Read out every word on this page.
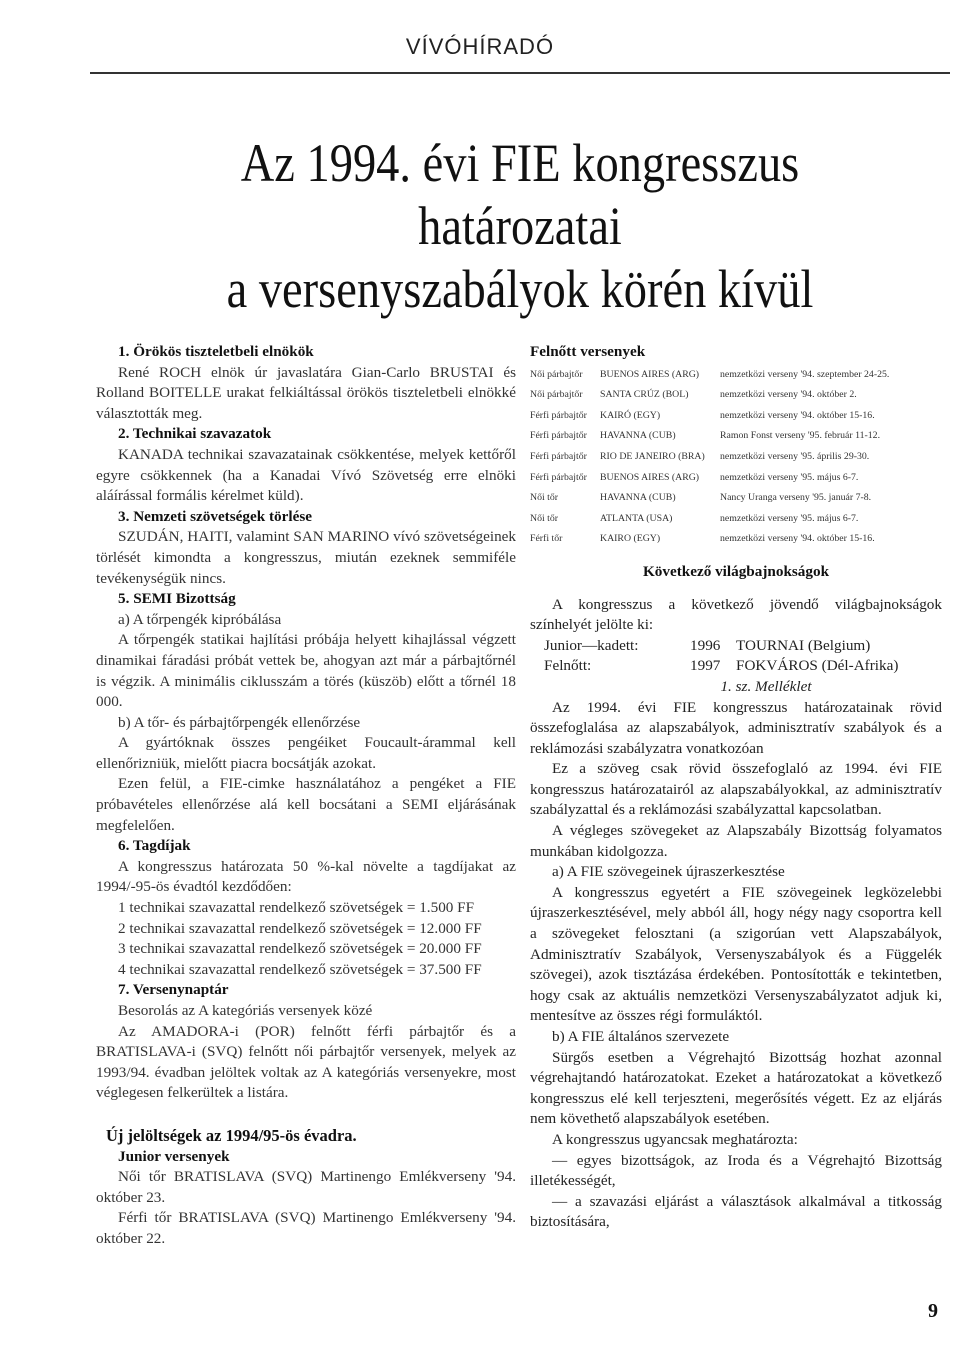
VÍVÓHÍRADÓ
Az 1994. évi FIE kongresszus határozatai
a versenyszabályok körén kívül
1. Örökös tiszteletbeli elnökök

René ROCH elnök úr javaslatára Gian-Carlo BRUSTAI és Rolland BOITELLE urakat felkiáltással örökös tiszteletbeli elnökké választották meg.

2. Technikai szavazatok

KANADA technikai szavazatainak csökkentése, melyek kettőről egyre csökkennek (ha a Kanadai Vívó Szövetség erre elnöki aláírással formális kérelmet küld).

3. Nemzeti szövetségek törlése

SZUDÁN, HAITI, valamint SAN MARINO vívó szövetségeinek törlését kimondta a kongresszus, miután ezeknek semmiféle tevékenységük nincs.

5. SEMI Bizottság

a) A tőrpengék kipróbálása

A tőrpengék statikai hajlítási próbája helyett kihajlással végzett dinamikai fáradási próbát vettek be, ahogyan azt már a párbajtőrnél is végzik. A minimális ciklusszám a törés (küszöb) előtt a tőrnél 18 000.

b) A tőr- és párbajtőrpengék ellenőrzése

A gyártóknak összes pengéiket Foucault-árammal kell ellenőrizniük, mielőtt piacra bocsátják azokat.

Ezen felül, a FIE-cimke használatához a pengéket a FIE próbavételes ellenőrzése alá kell bocsátani a SEMI eljárásának megfelelően.

6. Tagdíjak

A kongresszus határozata 50 %-kal növelte a tagdíjakat az 1994/-95-ös évadtól kezdődően:

1 technikai szavazattal rendelkező szövetségek = 1.500 FF

2 technikai szavazattal rendelkező szövetségek = 12.000 FF

3 technikai szavazattal rendelkező szövetségek = 20.000 FF

4 technikai szavazattal rendelkező szövetségek = 37.500 FF

7. Versenynaptár

Besorolás az A kategóriás versenyek közé

Az AMADORA-i (POR) felnőtt férfi párbajtőr és a BRATISLAVA-i (SVQ) felnőtt női párbajtőr versenyek, melyek az 1993/94. évadban jelöltek voltak az A kategóriás versenyekre, most véglegesen felkerültek a listára.

Új jelöltségek az 1994/95-ös évadra.
Junior versenyek

Női tőr BRATISLAVA (SVQ) Martinengo Emlékverseny '94. október 23.

Férfi tőr BRATISLAVA (SVQ) Martinengo Emlékverseny '94. október 22.

Felnőtt versenyek
Női párbajtőr	BUENOS AIRES (ARG)	nemzetközi verseny '94. szeptember 24-25.
Női párbajtőr	SANTA CRÚZ (BOL)	nemzetközi verseny '94. október 2.
Férfi párbajtőr	KAIRÓ (EGY)	nemzetközi verseny '94. október 15-16.
Férfi párbajtőr	HAVANNA (CUB)	Ramon Fonst verseny '95. február 11-12.
Férfi párbajtőr	RIO DE JANEIRO (BRA)	nemzetközi verseny '95. április 29-30.
Férfi párbajtőr	BUENOS AIRES (ARG)	nemzetközi verseny '95. május 6-7.
Női tőr	HAVANNA (CUB)	Nancy Uranga verseny '95. január 7-8.
Női tőr	ATLANTA (USA)	nemzetközi verseny '95. május 6-7.
Férfi tőr	KAIRO (EGY)	nemzetközi verseny '94. október 15-16.
Következő világbajnokságok

A kongresszus a következő jövendő világbajnokságok színhelyét jelölte ki:

Junior—kadett:	1996	TOURNAI (Belgium)
Felnőtt:	1997	FOKVÁROS (Dél-Afrika)
1. sz. Melléklet

Az 1994. évi FIE kongresszus határozatainak rövid összefoglalása az alapszabályok, adminisztratív szabályok és a reklámozási szabályzatra vonatkozóan

Ez a szöveg csak rövid összefoglaló az 1994. évi FIE kongresszus határozatairól az alapszabályokkal, az adminisztratív szabályzattal és a reklámozási szabályzattal kapcsolatban.

A végleges szövegeket az Alapszabály Bizottság folyamatos munkában kidolgozza.

a) A FIE szövegeinek újraszerkesztése

A kongresszus egyetért a FIE szövegeinek legközelebbi újraszerkesztésével, mely abból áll, hogy négy nagy csoportra kell a szövegeket felosztani (a szigorúan vett Alapszabályok, Adminisztratív Szabályok, Versenyszabályok és a Függelék szövegei), azok tisztázása érdekében. Pontosították e tekintetben, hogy csak az aktuális nemzetközi Versenyszabályzatot adjuk ki, mentesítve az összes régi formuláktól.

b) A FIE általános szervezete

Sürgős esetben a Végrehajtó Bizottság hozhat azonnal végrehajtandó határozatokat. Ezeket a határozatokat a következő kongresszus elé kell terjeszteni, megerősítés végett. Ez az eljárás nem követhető alapszabályok esetében.

A kongresszus ugyancsak meghatározta:

— egyes bizottságok, az Iroda és a Végrehajtó Bizottság illetékességét,

— a szavazási eljárást a választások alkalmával a titkosság biztosítására,

9
